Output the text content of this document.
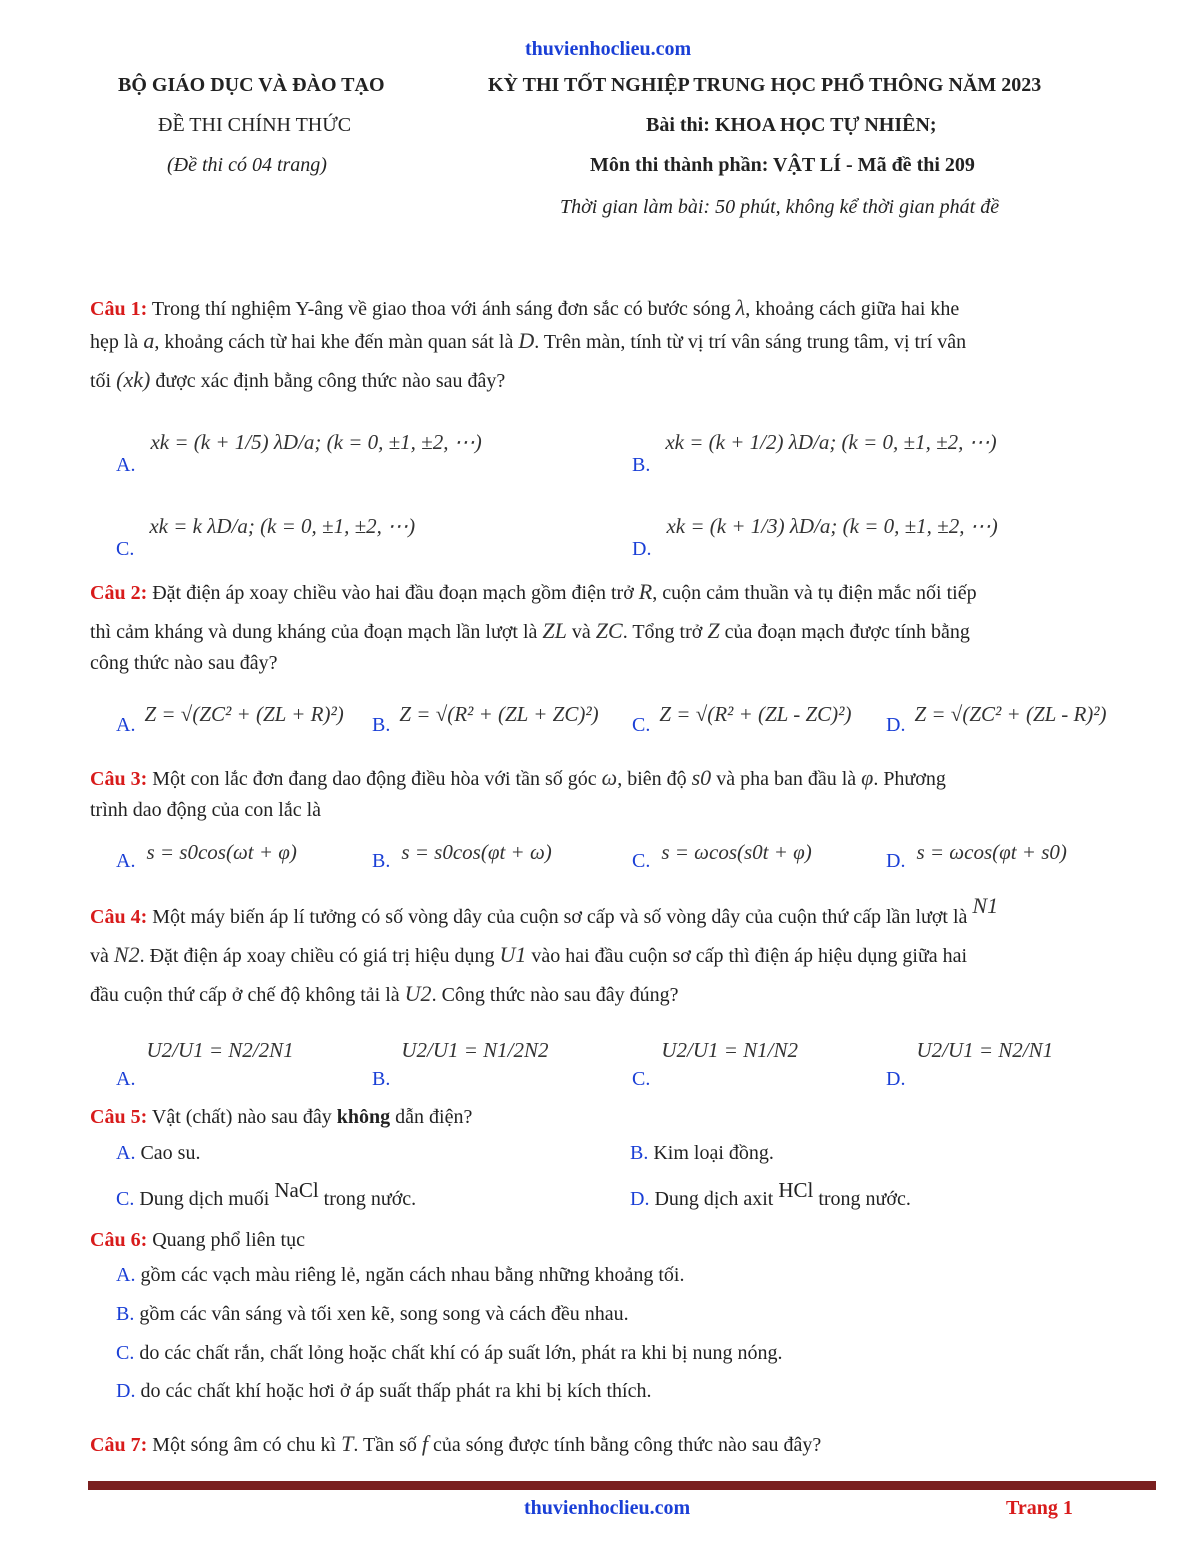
thuvienhoclieu.com
BỘ GIÁO DỤC VÀ ĐÀO TẠO
ĐỀ THI CHÍNH THỨC
(Đề thi có 04 trang)
KỲ THI TỐT NGHIỆP TRUNG HỌC PHỔ THÔNG NĂM 2023
Bài thi: KHOA HỌC TỰ NHIÊN;
Môn thi thành phần: VẬT LÍ - Mã đề thi 209
Thời gian làm bài: 50 phút, không kể thời gian phát đề
Câu 1: Trong thí nghiệm Y-âng về giao thoa với ánh sáng đơn sắc có bước sóng λ, khoảng cách giữa hai khe
hẹp là a, khoảng cách từ hai khe đến màn quan sát là D. Trên màn, tính từ vị trí vân sáng trung tâm, vị trí vân
tối (xk) được xác định bằng công thức nào sau đây?
A. xk = (k + 1/5) λD/a; (k = 0, ±1, ±2, ⋯)
B. xk = (k + 1/2) λD/a; (k = 0, ±1, ±2, ⋯)
C. xk = k λD/a; (k = 0, ±1, ±2, ⋯)
D. xk = (k + 1/3) λD/a; (k = 0, ±1, ±2, ⋯)
Câu 2: Đặt điện áp xoay chiều vào hai đầu đoạn mạch gồm điện trở R, cuộn cảm thuần và tụ điện mắc nối tiếp
thì cảm kháng và dung kháng của đoạn mạch lần lượt là ZL và ZC. Tổng trở Z của đoạn mạch được tính bằng
công thức nào sau đây?
A. Z = √(ZC² + (ZL + R)²) B. Z = √(R² + (ZL + ZC)²) C. Z = √(R² + (ZL - ZC)²) D. Z = √(ZC² + (ZL - R)²)
Câu 3: Một con lắc đơn đang dao động điều hòa với tần số góc ω, biên độ s0 và pha ban đầu là φ. Phương
trình dao động của con lắc là
A. s = s0cos(ωt + φ)	B. s = s0cos(φt + ω)	C. s = ωcos(s0t + φ)	D. s = ωcos(φt + s0)
Câu 4: Một máy biến áp lí tưởng có số vòng dây của cuộn sơ cấp và số vòng dây của cuộn thứ cấp lần lượt là N1
và N2. Đặt điện áp xoay chiều có giá trị hiệu dụng U1 vào hai đầu cuộn sơ cấp thì điện áp hiệu dụng giữa hai
đầu cuộn thứ cấp ở chế độ không tải là U2. Công thức nào sau đây đúng?
A. U2/U1 = N2/2N1
B. U2/U1 = N1/2N2
C. U2/U1 = N1/N2
D. U2/U1 = N2/N1
Câu 5: Vật (chất) nào sau đây không dẫn điện?
A. Cao su.	B. Kim loại đồng.
C. Dung dịch muối NaCl trong nước.	D. Dung dịch axit HCl trong nước.
Câu 6: Quang phổ liên tục
A. gồm các vạch màu riêng lẻ, ngăn cách nhau bằng những khoảng tối.
B. gồm các vân sáng và tối xen kẽ, song song và cách đều nhau.
C. do các chất rắn, chất lỏng hoặc chất khí có áp suất lớn, phát ra khi bị nung nóng.
D. do các chất khí hoặc hơi ở áp suất thấp phát ra khi bị kích thích.
Câu 7: Một sóng âm có chu kì T. Tần số f của sóng được tính bằng công thức nào sau đây?
thuvienhoclieu.com	Trang 1
